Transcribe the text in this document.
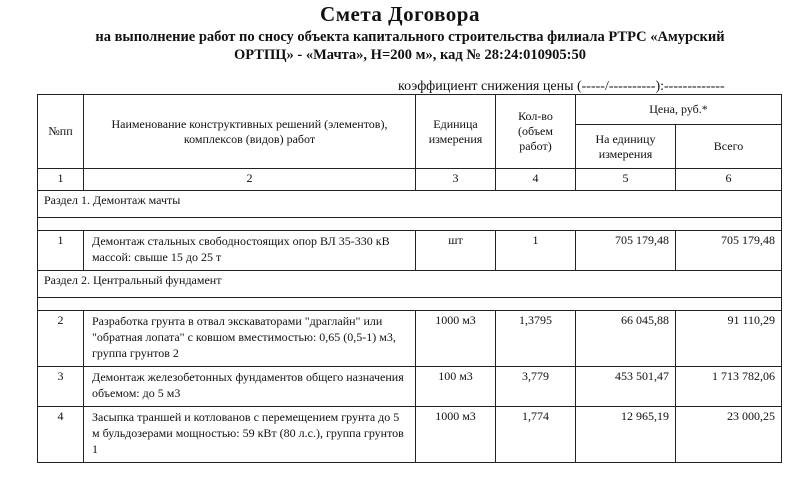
Смета Договора
на выполнение работ по сносу объекта капитального строительства филиала РТРС «Амурский
ОРТПЦ» - «Мачта», Н=200 м», кад № 28:24:010905:50
коэффициент снижения цены (-----/----------):-------------
№пп	Наименование конструктивных решений (элементов), комплексов (видов) работ	Единица измерения	Кол-во (объем работ)	Цена, руб.*	
				На единицу измерения	Всего
1	2	3	4	5	6
Раздел 1. Демонтаж мачты					

1	Демонтаж стальных свободностоящих опор ВЛ 35-330 кВ массой: свыше 15 до 25 т	шт	1	705 179,48	705 179,48
Раздел 2. Центральный фундамент					

2	Разработка грунта в отвал экскаваторами "драглайн" или "обратная лопата" с ковшом вместимостью: 0,65 (0,5-1) м3, группа грунтов 2	1000 м3	1,3795	66 045,88	91 110,29
3	Демонтаж железобетонных фундаментов общего назначения объемом: до 5 м3	100 м3	3,779	453 501,47	1 713 782,06
4	Засыпка траншей и котлованов с перемещением грунта до 5 м бульдозерами мощностью: 59 кВт (80 л.с.), группа грунтов 1	1000 м3	1,774	12 965,19	23 000,25
